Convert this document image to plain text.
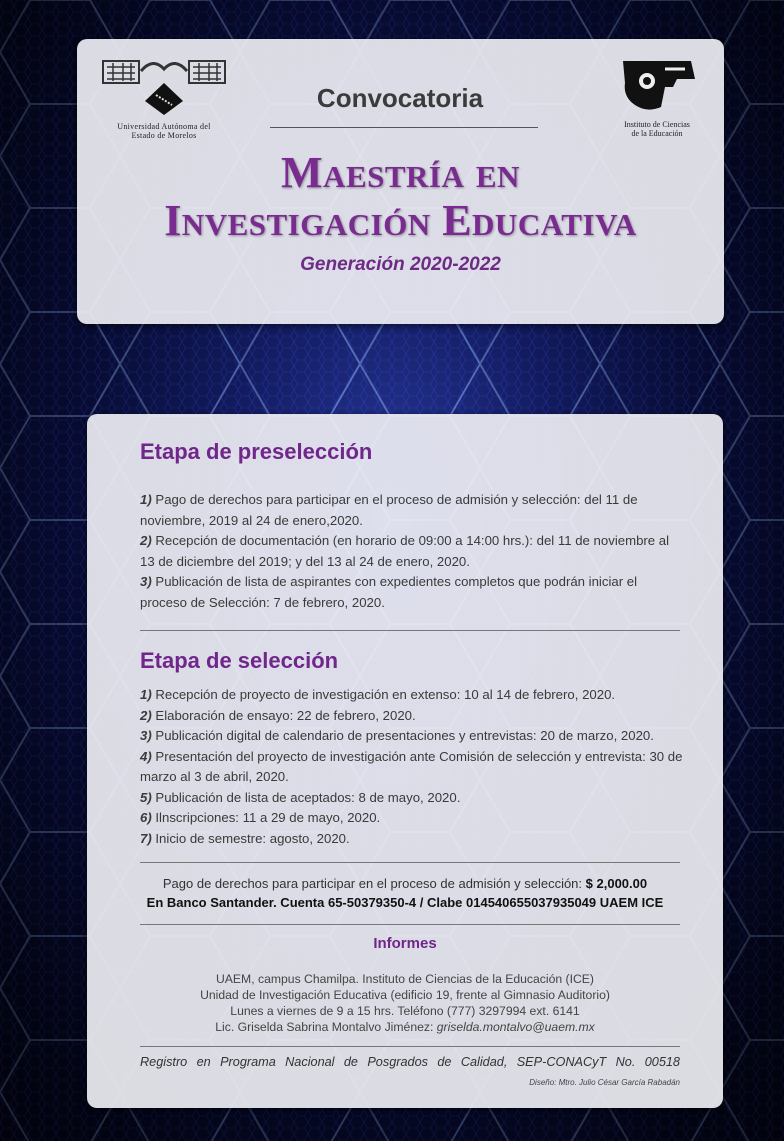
Universidad Autónoma del
Estado de Morelos
Convocatoria
Instituto de Ciencias
de la Educación
Maestría en
Investigación Educativa
Generación 2020-2022
Etapa de preselección

1) Pago de derechos para participar en el proceso de admisión y selección: del 11 de noviembre, 2019 al 24 de enero,2020.

2) Recepción de documentación (en horario de 09:00 a 14:00 hrs.): del 11 de noviembre al 13 de diciembre del 2019; y del 13 al 24 de enero, 2020.

3) Publicación de lista de aspirantes con expedientes completos que podrán iniciar el proceso de Selección: 7 de febrero, 2020.

Etapa de selección

1) Recepción de proyecto de investigación en extenso: 10 al 14 de febrero, 2020.

2) Elaboración de ensayo: 22 de febrero, 2020.

3) Publicación digital de calendario de presentaciones y entrevistas: 20 de marzo, 2020.

4) Presentación del proyecto de investigación ante Comisión de selección y entrevista: 30 de marzo al 3 de abril, 2020.

5) Publicación de lista de aceptados: 8 de mayo, 2020.

6) Ilnscripciones: 11 a 29 de mayo, 2020.

7) Inicio de semestre: agosto, 2020.

Pago de derechos para participar en el proceso de admisión y selección: $ 2,000.00
En Banco Santander. Cuenta 65-50379350-4 / Clabe 014540655037935049 UAEM ICE
Informes

UAEM, campus Chamilpa. Instituto de Ciencias de la Educación (ICE)

Unidad de Investigación Educativa (edificio 19, frente al Gimnasio Auditorio)

Lunes a viernes de 9 a 15 hrs. Teléfono (777) 3297994 ext. 6141

Lic. Griselda Sabrina Montalvo Jiménez: griselda.montalvo@uaem.mx

Registro en Programa Nacional de Posgrados de Calidad, SEP-CONACyT No. 00518
Diseño: Mtro. Julio César García Rabadán
